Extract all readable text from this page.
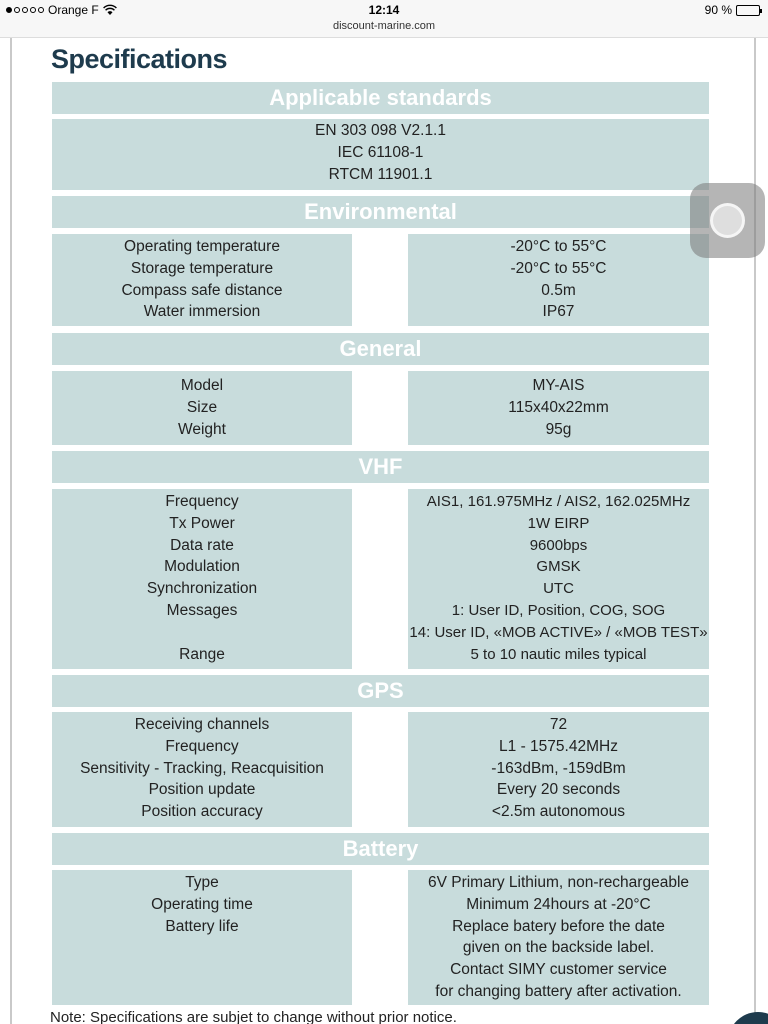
Orange F	12:14	90 %
discount-marine.com
Specifications
Applicable standards
EN 303 098 V2.1.1
IEC 61108-1
RTCM 11901.1
Environmental
Operating temperature
Storage temperature
Compass safe distance
Water immersion
-20°C to 55°C
-20°C to 55°C
0.5m
IP67
General
Model
Size
Weight
MY-AIS
115x40x22mm
95g
VHF
Frequency
Tx Power
Data rate
Modulation
Synchronization
Messages
Range
AIS1, 161.975MHz / AIS2, 162.025MHz
1W EIRP
9600bps
GMSK
UTC
1: User ID, Position, COG, SOG
14: User ID, «MOB ACTIVE» / «MOB TEST»
5 to 10 nautic miles typical
GPS
Receiving channels
Frequency
Sensitivity - Tracking, Reacquisition
Position update
Position accuracy
72
L1 - 1575.42MHz
-163dBm, -159dBm
Every 20 seconds
<2.5m autonomous
Battery
Type
Operating time
Battery life
6V Primary Lithium, non-rechargeable
Minimum 24hours at -20°C
Replace batery before the date
given on the backside label.
Contact SIMY customer service
for changing battery after activation.
Note: Specifications are subjet to change without prior notice.
